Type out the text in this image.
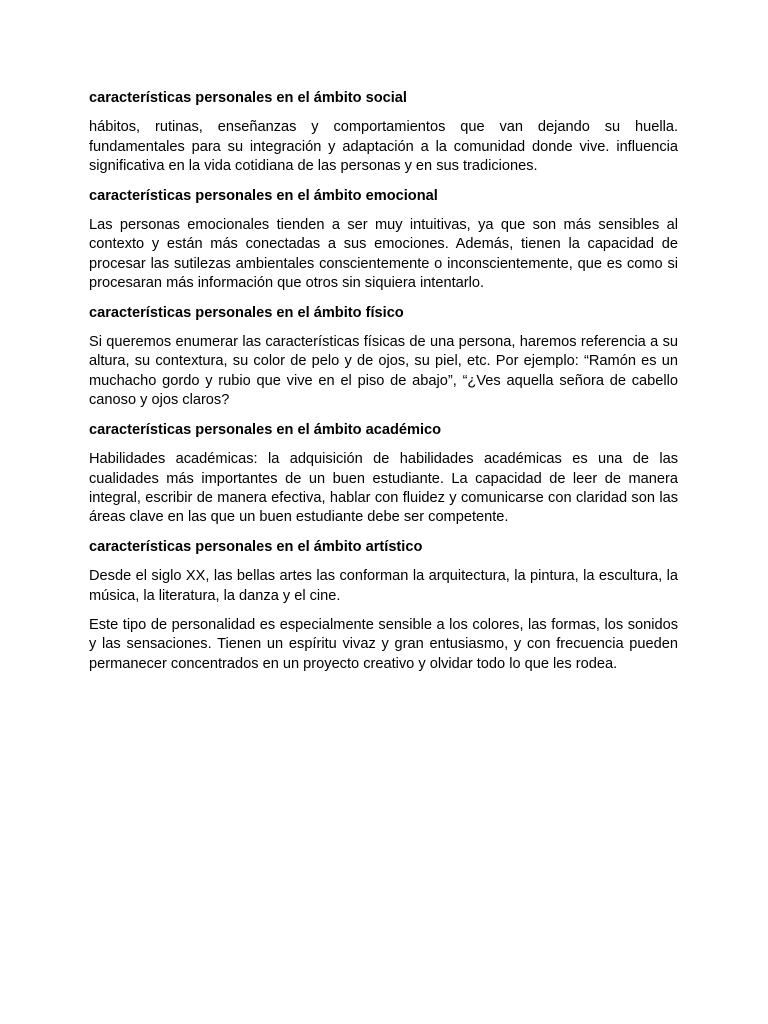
características personales en el ámbito social

hábitos, rutinas, enseñanzas y comportamientos que van dejando su huella. fundamentales para su integración y adaptación a la comunidad donde vive. influencia significativa en la vida cotidiana de las personas y en sus tradiciones.

características personales en el ámbito emocional

Las personas emocionales tienden a ser muy intuitivas, ya que son más sensibles al contexto y están más conectadas a sus emociones. Además, tienen la capacidad de procesar las sutilezas ambientales conscientemente o inconscientemente, que es como si procesaran más información que otros sin siquiera intentarlo.

características personales en el ámbito físico

Si queremos enumerar las características físicas de una persona, haremos referencia a su altura, su contextura, su color de pelo y de ojos, su piel, etc. Por ejemplo: “Ramón es un muchacho gordo y rubio que vive en el piso de abajo”, “¿Ves aquella señora de cabello canoso y ojos claros?

características personales en el ámbito académico

Habilidades académicas: la adquisición de habilidades académicas es una de las cualidades más importantes de un buen estudiante. La capacidad de leer de manera integral, escribir de manera efectiva, hablar con fluidez y comunicarse con claridad son las áreas clave en las que un buen estudiante debe ser competente.

características personales en el ámbito artístico

Desde el siglo XX, las bellas artes las conforman la arquitectura, la pintura, la escultura, la música, la literatura, la danza y el cine.

Este tipo de personalidad es especialmente sensible a los colores, las formas, los sonidos y las sensaciones. Tienen un espíritu vivaz y gran entusiasmo, y con frecuencia pueden permanecer concentrados en un proyecto creativo y olvidar todo lo que les rodea.
